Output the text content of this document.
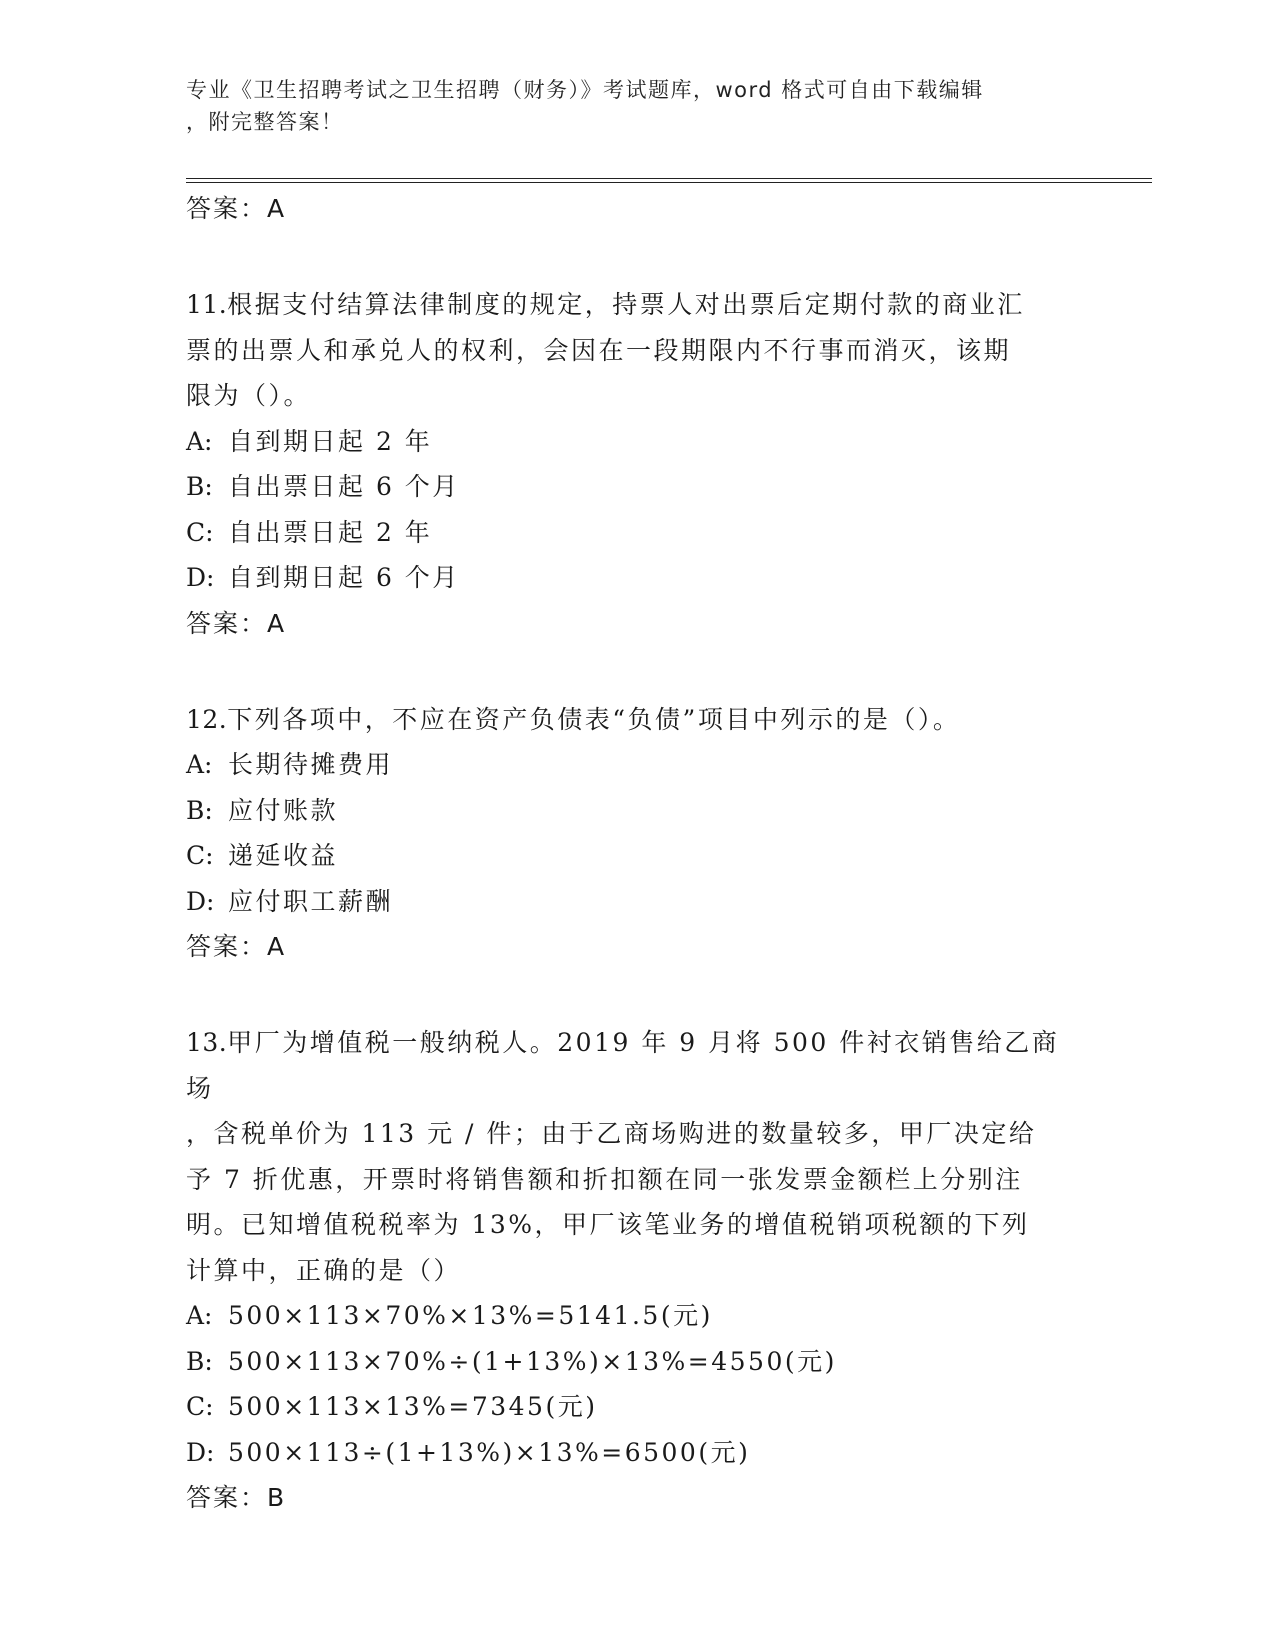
专业《卫生招聘考试之卫生招聘（财务）》考试题库，word 格式可自由下载编辑
，附完整答案！
答案：A
11.根据支付结算法律制度的规定，持票人对出票后定期付款的商业汇
票的出票人和承兑人的权利，会因在一段期限内不行事而消灭，该期
限为（）。
A: 自到期日起 2 年
B: 自出票日起 6 个月
C: 自出票日起 2 年
D: 自到期日起 6 个月
答案：A
12.下列各项中，不应在资产负债表“负债”项目中列示的是（）。
A: 长期待摊费用
B: 应付账款
C: 递延收益
D: 应付职工薪酬
答案：A
13.甲厂为增值税一般纳税人。2019 年 9 月将 500 件衬衣销售给乙商场
，含税单价为 113 元 / 件；由于乙商场购进的数量较多，甲厂决定给
予 7 折优惠，开票时将销售额和折扣额在同一张发票金额栏上分别注
明。已知增值税税率为 13%，甲厂该笔业务的增值税销项税额的下列
计算中，正确的是（）
A: 500×113×70%×13%=5141.5(元)
B: 500×113×70%÷(1+13%)×13%=4550(元)
C: 500×113×13%=7345(元)
D: 500×113÷(1+13%)×13%=6500(元)
答案：B
